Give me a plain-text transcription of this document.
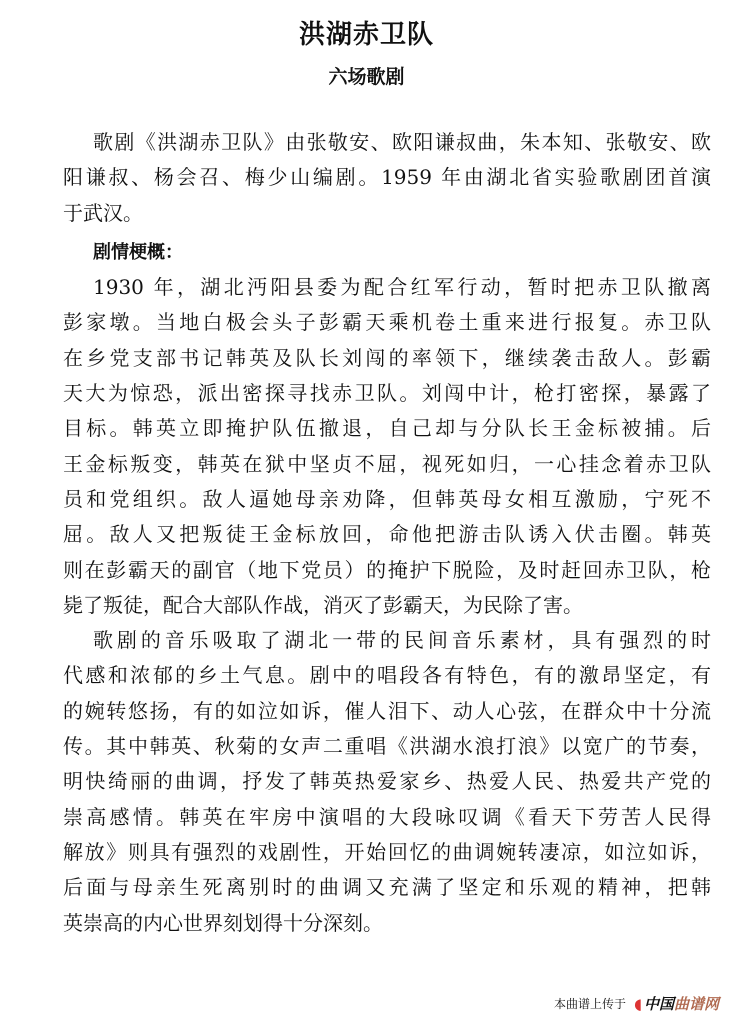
洪湖赤卫队
六场歌剧
歌剧《洪湖赤卫队》由张敬安、欧阳谦叔曲，朱本知、张敬安、欧
阳谦叔、杨会召、梅少山编剧。1959 年由湖北省实验歌剧团首演
于武汉。
剧情梗概：
1930 年，湖北沔阳县委为配合红军行动，暂时把赤卫队撤离
彭家墩。当地白极会头子彭霸天乘机卷土重来进行报复。赤卫队
在乡党支部书记韩英及队长刘闯的率领下，继续袭击敌人。彭霸
天大为惊恐，派出密探寻找赤卫队。刘闯中计，枪打密探，暴露了
目标。韩英立即掩护队伍撤退，自己却与分队长王金标被捕。后
王金标叛变，韩英在狱中坚贞不屈，视死如归，一心挂念着赤卫队
员和党组织。敌人逼她母亲劝降，但韩英母女相互激励，宁死不
屈。敌人又把叛徒王金标放回，命他把游击队诱入伏击圈。韩英
则在彭霸天的副官（地下党员）的掩护下脱险，及时赶回赤卫队，枪
毙了叛徒，配合大部队作战，消灭了彭霸天，为民除了害。
歌剧的音乐吸取了湖北一带的民间音乐素材，具有强烈的时
代感和浓郁的乡土气息。剧中的唱段各有特色，有的激昂坚定，有
的婉转悠扬，有的如泣如诉，催人泪下、动人心弦，在群众中十分流
传。其中韩英、秋菊的女声二重唱《洪湖水浪打浪》以宽广的节奏，
明快绮丽的曲调，抒发了韩英热爱家乡、热爱人民、热爱共产党的
崇高感情。韩英在牢房中演唱的大段咏叹调《看天下劳苦人民得
解放》则具有强烈的戏剧性，开始回忆的曲调婉转凄凉，如泣如诉，
后面与母亲生死离别时的曲调又充满了坚定和乐观的精神，把韩
英崇高的内心世界刻划得十分深刻。
本曲谱上传于 ◖ 中国 曲谱网
